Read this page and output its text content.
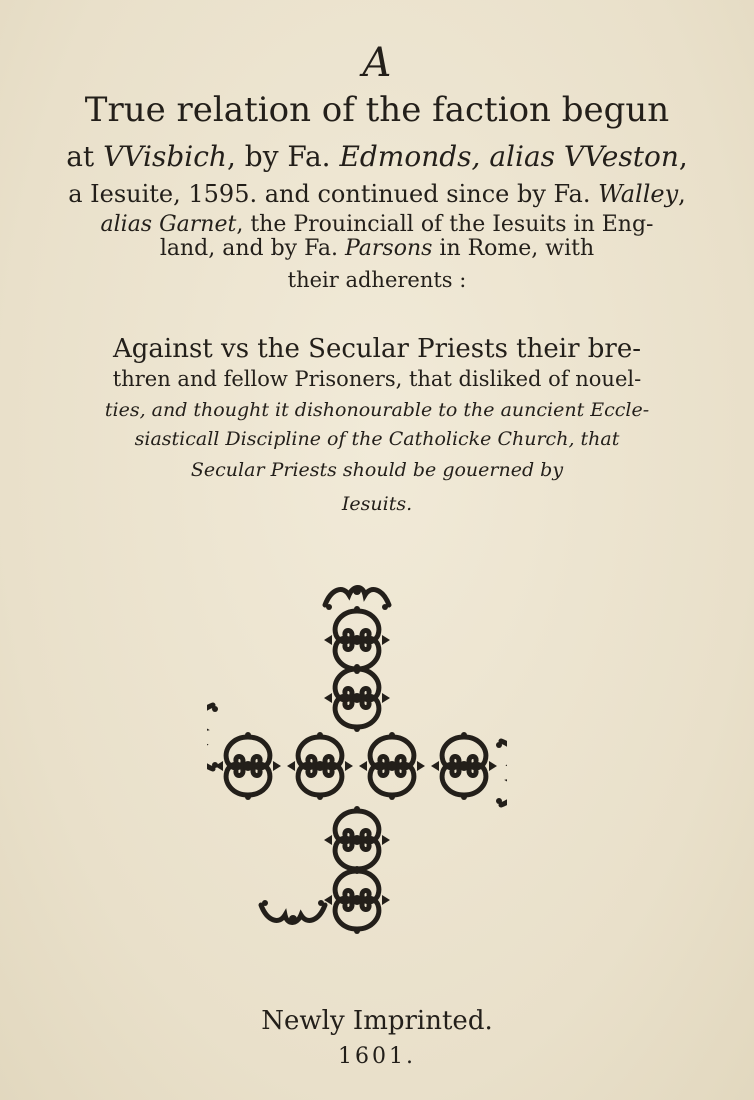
A
True relation of the faction begun
at VVisbich, by Fa. Edmonds, alias VVeston,
a Iesuite, 1595. and continued since by Fa. Walley,
alias Garnet, the Prouinciall of the Iesuits in Eng-
land, and by Fa. Parsons in Rome, with
their adherents :
Against vs the Secular Priests their bre-
thren and fellow Prisoners, that disliked of nouel-
ties, and thought it dishonourable to the auncient Eccle-
siasticall Discipline of the Catholicke Church, that
Secular Priests should be gouerned by
Iesuits.
Newly Imprinted.
1601.
